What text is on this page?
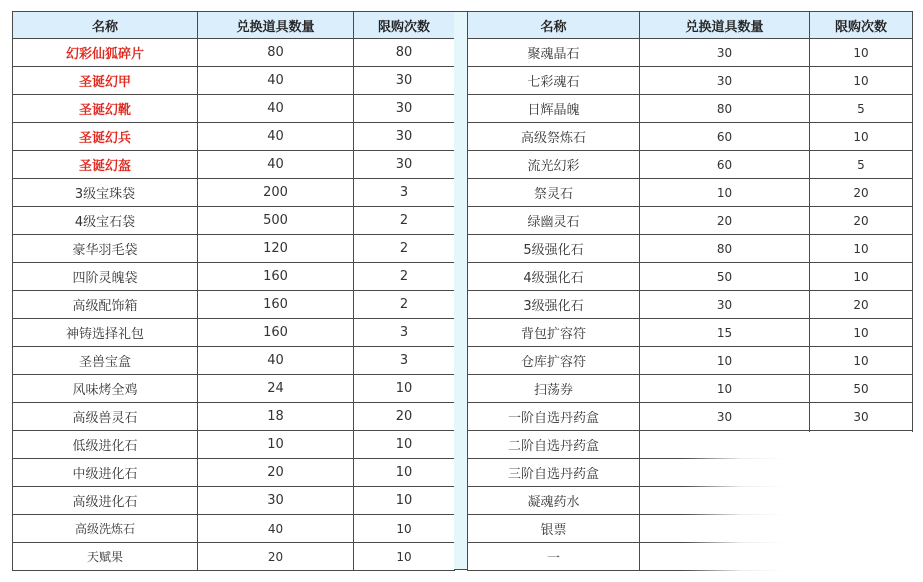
名称	兑换道具数量	限购次数
幻彩仙狐碎片	80	80
圣诞幻甲	40	30
圣诞幻靴	40	30
圣诞幻兵	40	30
圣诞幻盔	40	30
3级宝珠袋	200	3
4级宝石袋	500	2
豪华羽毛袋	120	2
四阶灵魄袋	160	2
高级配饰箱	160	2
神铸选择礼包	160	3
圣兽宝盒	40	3
风味烤全鸡	24	10
高级兽灵石	18	20
低级进化石	10	10
中级进化石	20	10
高级进化石	30	10
高级洗炼石	40	10
天赋果	20	10
名称	兑换道具数量	限购次数
聚魂晶石	30	10
七彩魂石	30	10
日辉晶魄	80	5
高级祭炼石	60	10
流光幻彩	60	5
祭灵石	10	20
绿幽灵石	20	20
5级强化石	80	10
4级强化石	50	10
3级强化石	30	20
背包扩容符	15	10
仓库扩容符	10	10
扫荡券	10	50
一阶自选丹药盒	30	30
二阶自选丹药盒		
三阶自选丹药盒		
凝魂药水		
银票		
一		
